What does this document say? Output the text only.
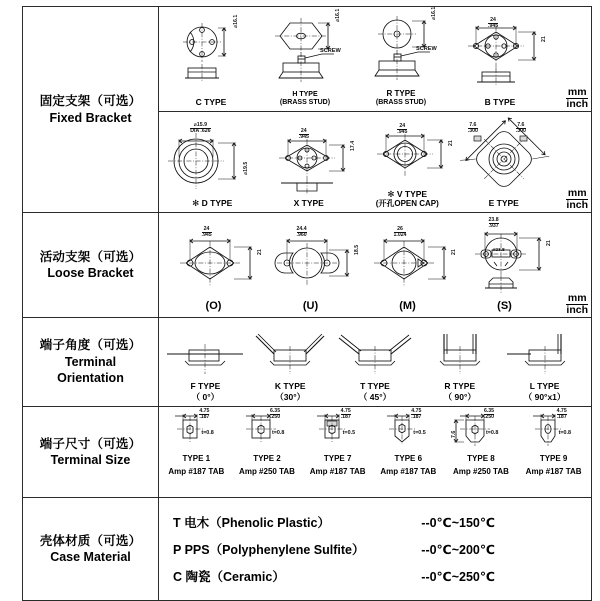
固定支架（可选）
Fixed Bracket

⌀16.1
C TYPE
⌀16.1
SCREW
H TYPE
(BRASS STUD)
⌀16.1
SCREW
R TYPE
(BRASS STUD)
24
.945
21
B TYPE
mm
inch

⌀15.9
DIA .626
⌀19.5
✻ D TYPE
24
.945
17.4
X TYPE
24
.945
21
✻ V TYPE
(开孔OPEN CAP)
7.6
.300
7.6
.300
E TYPE
mm
inch

活动支架（可选）
Loose Bracket

24
.945
21
(O)
24.4
.960
18.5
(U)
26
1.024
21
(M)
23.8
.937
21
⌀23.8
(S)
mm
inch

端子角度（可选）
Terminal
Orientation

F TYPE
（ 0°）
K TYPE
（30°）
T TYPE
（ 45°）
R TYPE
（ 90°）
L TYPE
（ 90°x1）

端子尺寸（可选）
Terminal Size

4.75
.187
t=0.8
TYPE 1
Amp #187 TAB
6.35
.250
t=0.8
TYPE 2
Amp #250 TAB
4.75
.187
t=0.5
TYPE 7
Amp #187 TAB
4.75
.187
t=0.5
TYPE 6
Amp #187 TAB
6.35
.250
7.6	t=0.8
TYPE 8
Amp #250 TAB
4.75
.187
t=0.8
TYPE 9
Amp #187 TAB

壳体材质（可选）
Case Material

T 电木（Phenolic Plastic）	--0℃~150℃
P PPS（Polyphenylene Sulfite）	--0℃~200℃
C 陶瓷（Ceramic）	--0℃~250℃
